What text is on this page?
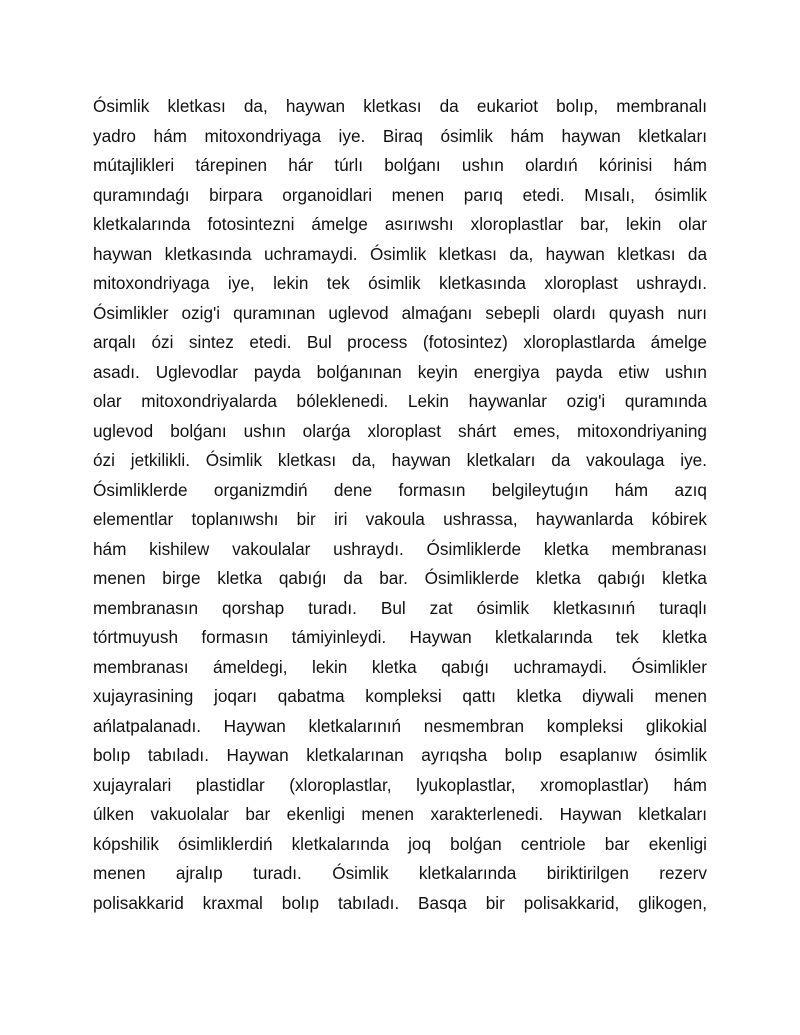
Ósimlik kletkası da, haywan kletkası da eukariot bolıp, membranalı
yadro hám mitoxondriyaga iye. Biraq ósimlik hám haywan kletkaları
mútajlikleri tárepinen hár túrlı bolǵanı ushın olardıń kórinisi hám
quramındaǵı birpara organoidlari menen parıq etedi. Mısalı, ósimlik
kletkalarında fotosintezni ámelge asırıwshı xloroplastlar bar, lekin olar
haywan kletkasında uchramaydi. Ósimlik kletkası da, haywan kletkası da
mitoxondriyaga iye, lekin tek ósimlik kletkasında xloroplast ushraydı.
Ósimlikler ozig'i quramınan uglevod almaǵanı sebepli olardı quyash nurı
arqalı ózi sintez etedi. Bul process (fotosintez) xloroplastlarda ámelge
asadı. Uglevodlar payda bolǵanınan keyin energiya payda etiw ushın
olar mitoxondriyalarda bóleklenedi. Lekin haywanlar ozig'i quramında
uglevod bolǵanı ushın olarǵa xloroplast shárt emes, mitoxondriyaning
ózi jetkilikli. Ósimlik kletkası da, haywan kletkaları da vakoulaga iye.
Ósimliklerde organizmdiń dene formasın belgileytuǵın hám azıq
elementlar toplanıwshı bir iri vakoula ushrassa, haywanlarda kóbirek
hám kishilew vakoulalar ushraydı. Ósimliklerde kletka membranası
menen birge kletka qabıǵı da bar. Ósimliklerde kletka qabıǵı kletka
membranasın qorshap turadı. Bul zat ósimlik kletkasınıń turaqlı
tórtmuyush formasın támiyinleydi. Haywan kletkalarında tek kletka
membranası ámeldegi, lekin kletka qabıǵı uchramaydi. Ósimlikler
xujayrasining joqarı qabatma kompleksi qattı kletka diywali menen
ańlatpalanadı. Haywan kletkalarınıń nesmembran kompleksi glikokial
bolıp tabıladı. Haywan kletkalarınan ayrıqsha bolıp esaplanıw ósimlik
xujayralari plastidlar (xloroplastlar, lyukoplastlar, xromoplastlar) hám
úlken vakuolalar bar ekenligi menen xarakterlenedi. Haywan kletkaları
kópshilik ósimliklerdiń kletkalarında joq bolǵan centriole bar ekenligi
menen ajralıp turadı. Ósimlik kletkalarında biriktirilgen rezerv
polisakkarid kraxmal bolıp tabıladı. Basqa bir polisakkarid, glikogen,
